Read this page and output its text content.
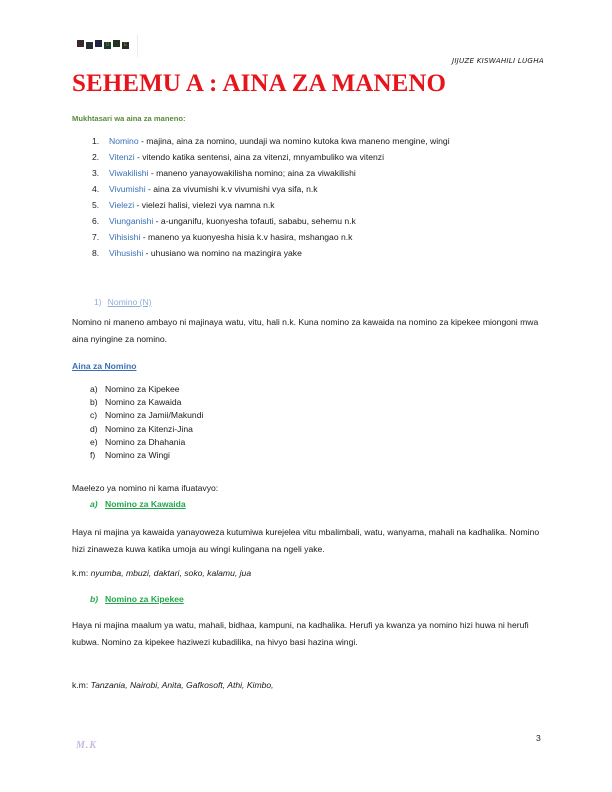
U	E
JIJUZE KISWAHILI LUGHA
SEHEMU A : AINA ZA MANENO
Mukhtasari wa aina za maneno:
1.	Nomino - majina, aina za nomino, uundaji wa nomino kutoka kwa maneno mengine, wingi
2.	Vitenzi - vitendo katika sentensi, aina za vitenzi, mnyambuliko wa vitenzi
3.	Viwakilishi - maneno yanayowakilisha nomino; aina za viwakilishi
4.	Vivumishi - aina za vivumishi k.v vivumishi vya sifa, n.k
5.	Vielezi - vielezi halisi, vielezi vya namna n.k
6.	Viunganishi - a-unganifu, kuonyesha tofauti, sababu, sehemu n.k
7.	Vihisishi - maneno ya kuonyesha hisia k.v hasira, mshangao n.k
8.	Vihusishi - uhusiano wa nomino na mazingira yake
1) Nomino (N)
Nomino ni maneno ambayo ni majinaya watu, vitu, hali n.k. Kuna nomino za kawaida na nomino za kipekee miongoni mwa aina nyingine za nomino.
Aina za Nomino
a) Nomino za Kipekee
b) Nomino za Kawaida
c) Nomino za Jamii/Makundi
d) Nomino za Kitenzi-Jina
e) Nomino za Dhahania
f)	Nomino za Wingi
Maelezo ya nomino ni kama ifuatavyo:
a) Nomino za Kawaida
Haya ni majina ya kawaida yanayoweza kutumiwa kurejelea vitu mbalimbali, watu, wanyama, mahali na kadhalika. Nomino hizi zinaweza kuwa katika umoja au wingi kulingana na ngeli yake.
k.m: nyumba, mbuzi, daktari, soko, kalamu, jua
b) Nomino za Kipekee
Haya ni majina maalum ya watu, mahali, bidhaa, kampuni, na kadhalika. Herufi ya kwanza ya nomino hizi huwa ni herufi kubwa. Nomino za kipekee haziwezi kubadilika, na hivyo basi hazina wingi.
k.m: Tanzania, Nairobi, Anita, Gafkosoft, Athi, Kimbo,
M.K
3
